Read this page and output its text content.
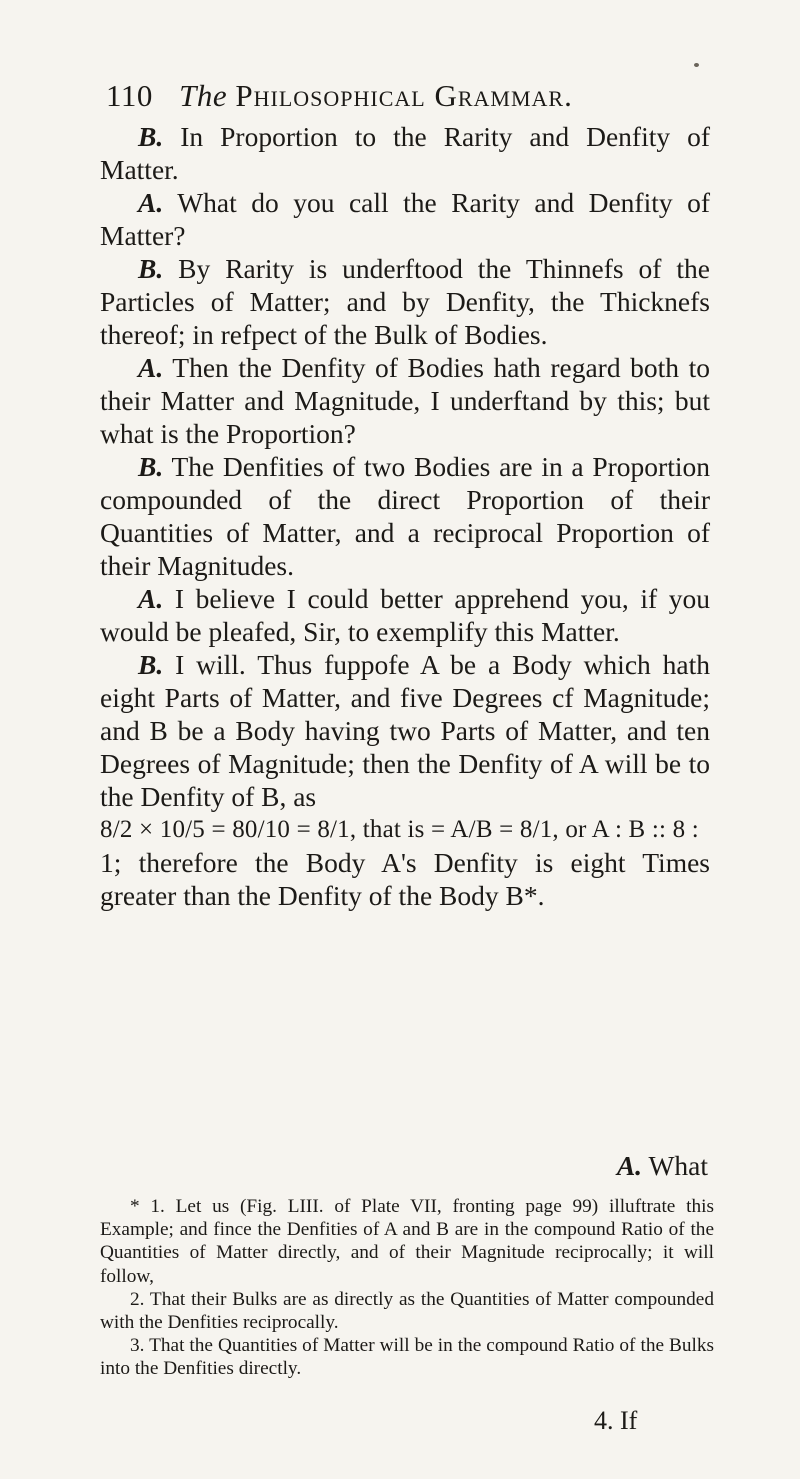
110 The Philosophical Grammar.

B. In Proportion to the Rarity and Denfity of Matter.

A. What do you call the Rarity and Denfity of Matter?

B. By Rarity is underftood the Thinnefs of the Particles of Matter; and by Denfity, the Thicknefs thereof; in refpect of the Bulk of Bodies.

A. Then the Denfity of Bodies hath regard both to their Matter and Magnitude, I underftand by this; but what is the Proportion?

B. The Denfities of two Bodies are in a Proportion compounded of the direct Proportion of their Quantities of Matter, and a reciprocal Proportion of their Magnitudes.

A. I believe I could better apprehend you, if you would be pleafed, Sir, to exemplify this Matter.

B. I will. Thus fuppofe A be a Body which hath eight Parts of Matter, and five Degrees cf Magnitude; and B be a Body having two Parts of Matter, and ten Degrees of Magnitude; then the Denfity of A will be to the Denfity of B, as

8/2 × 10/5 = 80/10 = 8/1, that is = A/B = 8/1, or A : B :: 8 :

1; therefore the Body A's Denfity is eight Times greater than the Denfity of the Body B*.

A. What

* 1. Let us (Fig. LIII. of Plate VII, fronting page 99) illuftrate this Example; and fince the Denfities of A and B are in the compound Ratio of the Quantities of Matter directly, and of their Magnitude reciprocally; it will follow,

2. That their Bulks are as directly as the Quantities of Matter compounded with the Denfities reciprocally.

3. That the Quantities of Matter will be in the compound Ratio of the Bulks into the Denfities directly.

4. If
